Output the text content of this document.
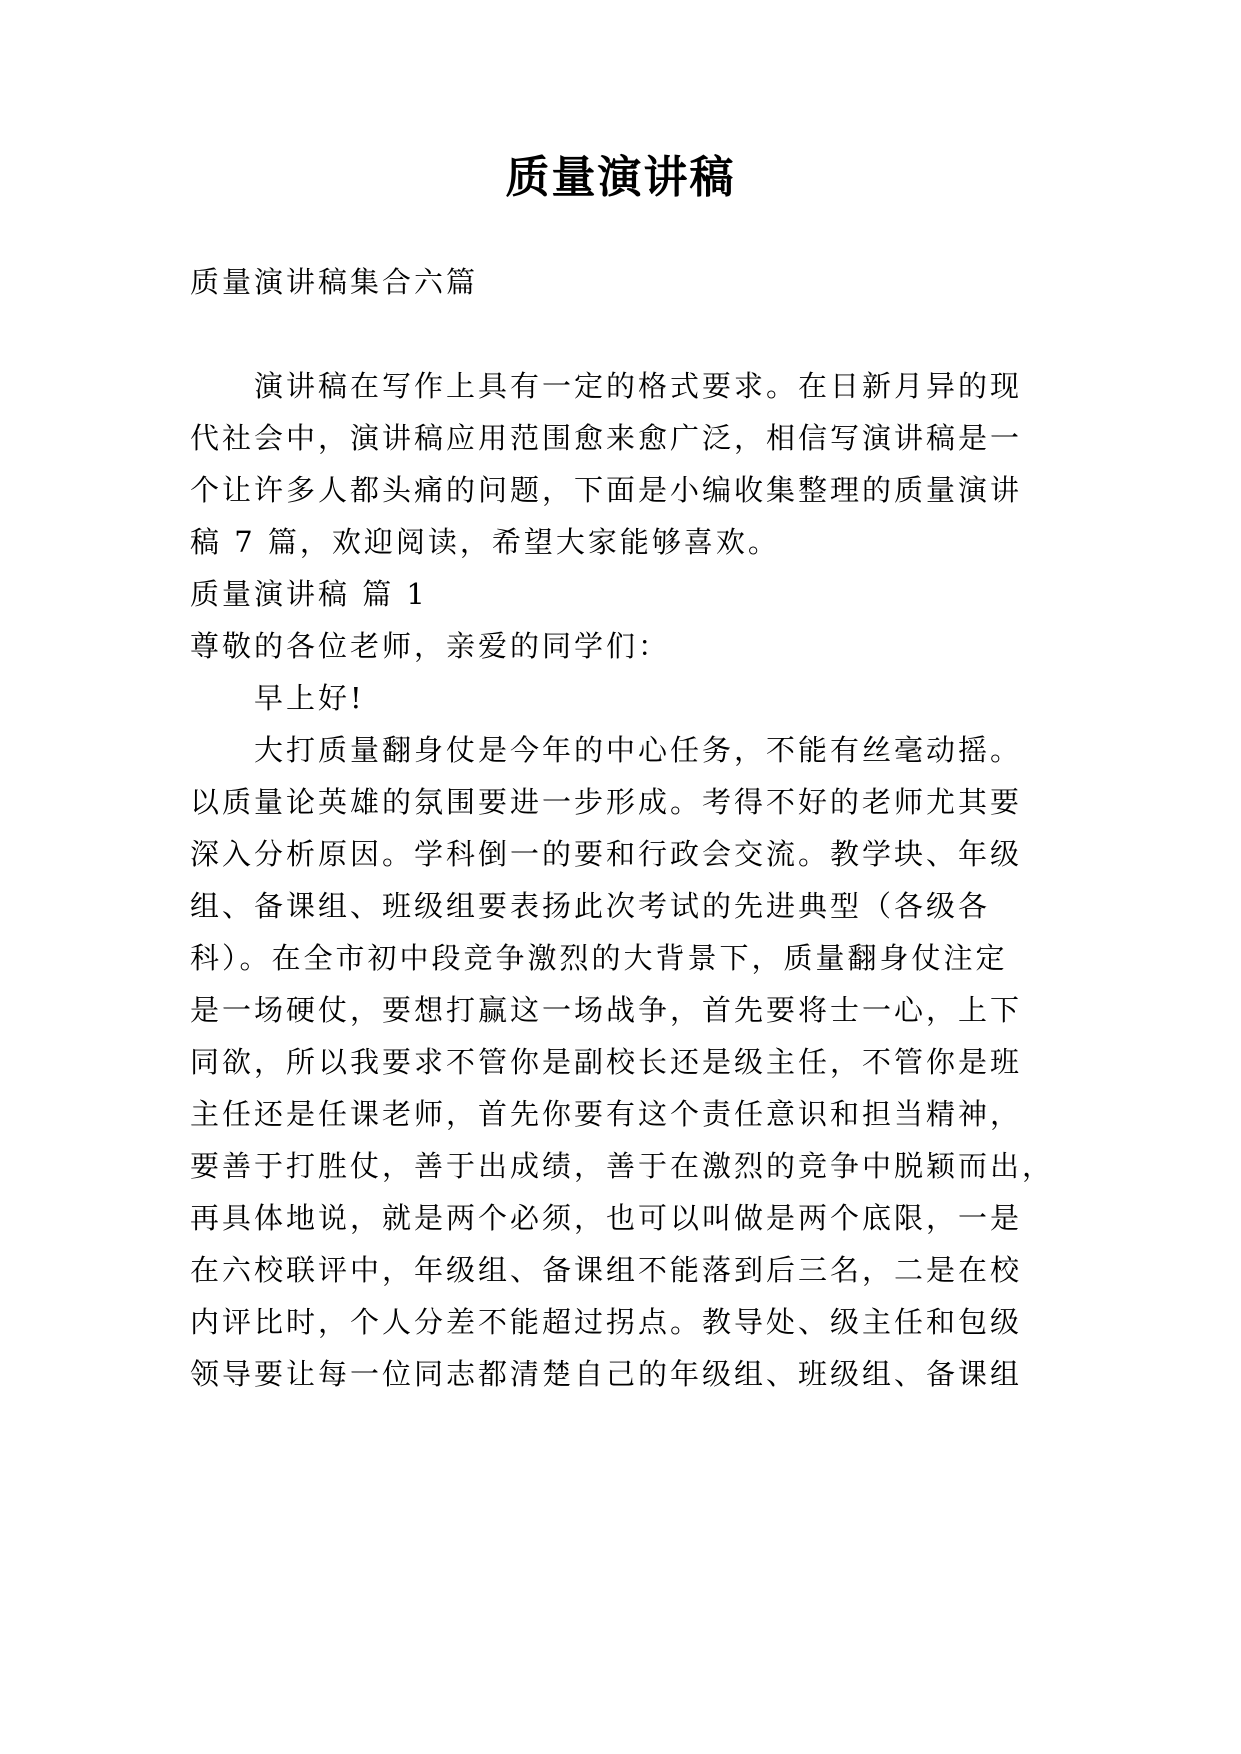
质量演讲稿
质量演讲稿集合六篇
演讲稿在写作上具有一定的格式要求。在日新月异的现
代社会中，演讲稿应用范围愈来愈广泛，相信写演讲稿是一
个让许多人都头痛的问题，下面是小编收集整理的质量演讲
稿 7 篇，欢迎阅读，希望大家能够喜欢。
质量演讲稿 篇 1
尊敬的各位老师，亲爱的同学们：
早上好!
大打质量翻身仗是今年的中心任务，不能有丝毫动摇。
以质量论英雄的氛围要进一步形成。考得不好的老师尤其要
深入分析原因。学科倒一的要和行政会交流。教学块、年级
组、备课组、班级组要表扬此次考试的先进典型（各级各
科）。在全市初中段竞争激烈的大背景下，质量翻身仗注定
是一场硬仗，要想打赢这一场战争，首先要将士一心，上下
同欲，所以我要求不管你是副校长还是级主任，不管你是班
主任还是任课老师，首先你要有这个责任意识和担当精神，
要善于打胜仗，善于出成绩，善于在激烈的竞争中脱颖而出，
再具体地说，就是两个必须，也可以叫做是两个底限，一是
在六校联评中，年级组、备课组不能落到后三名，二是在校
内评比时，个人分差不能超过拐点。教导处、级主任和包级
领导要让每一位同志都清楚自己的年级组、班级组、备课组
